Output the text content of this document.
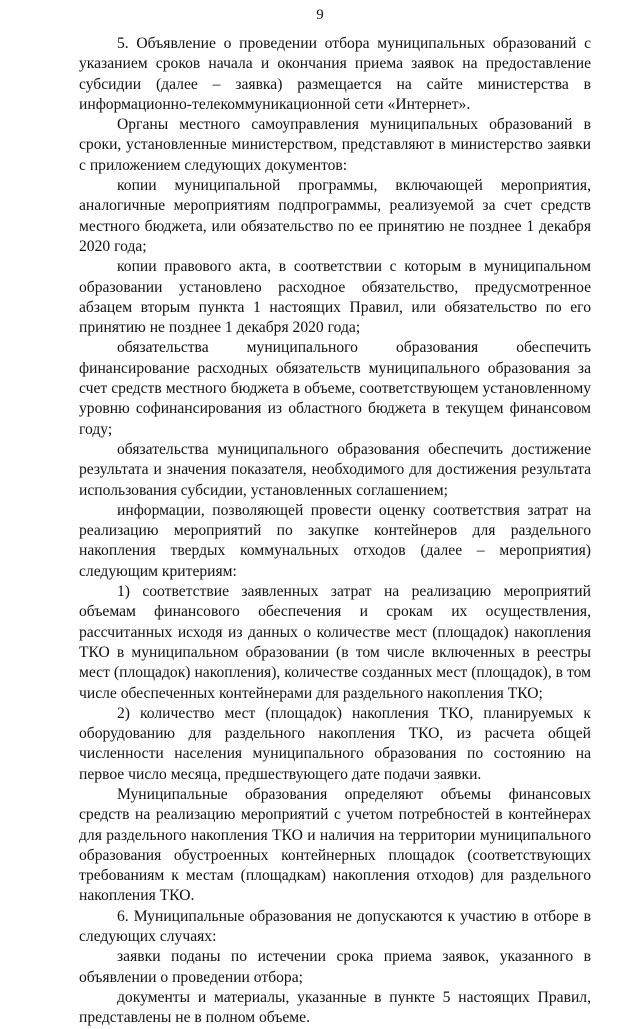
9

5. Объявление о проведении отбора муниципальных образований с указанием сроков начала и окончания приема заявок на предоставление субсидии (далее – заявка) размещается на сайте министерства в информационно-телекоммуникационной сети «Интернет».

Органы местного самоуправления муниципальных образований в сроки, установленные министерством, представляют в министерство заявки с приложением следующих документов:

копии муниципальной программы, включающей мероприятия, аналогичные мероприятиям подпрограммы, реализуемой за счет средств местного бюджета, или обязательство по ее принятию не позднее 1 декабря 2020 года;

копии правового акта, в соответствии с которым в муниципальном образовании установлено расходное обязательство, предусмотренное абзацем вторым пункта 1 настоящих Правил, или обязательство по его принятию не позднее 1 декабря 2020 года;

обязательства муниципального образования обеспечить финансирование расходных обязательств муниципального образования за счет средств местного бюджета в объеме, соответствующем установленному уровню софинансирования из областного бюджета в текущем финансовом году;

обязательства муниципального образования обеспечить достижение результата и значения показателя, необходимого для достижения результата использования субсидии, установленных соглашением;

информации, позволяющей провести оценку соответствия затрат на реализацию мероприятий по закупке контейнеров для раздельного накопления твердых коммунальных отходов (далее – мероприятия) следующим критериям:

1) соответствие заявленных затрат на реализацию мероприятий объемам финансового обеспечения и срокам их осуществления, рассчитанных исходя из данных о количестве мест (площадок) накопления ТКО в муниципальном образовании (в том числе включенных в реестры мест (площадок) накопления), количестве созданных мест (площадок), в том числе обеспеченных контейнерами для раздельного накопления ТКО;

2) количество мест (площадок) накопления ТКО, планируемых к оборудованию для раздельного накопления ТКО, из расчета общей численности населения муниципального образования по состоянию на первое число месяца, предшествующего дате подачи заявки.

Муниципальные образования определяют объемы финансовых средств на реализацию мероприятий с учетом потребностей в контейнерах для раздельного накопления ТКО и наличия на территории муниципального образования обустроенных контейнерных площадок (соответствующих требованиям к местам (площадкам) накопления отходов) для раздельного накопления ТКО.

6. Муниципальные образования не допускаются к участию в отборе в следующих случаях:

заявки поданы по истечении срока приема заявок, указанного в объявлении о проведении отбора;

документы и материалы, указанные в пункте 5 настоящих Правил, представлены не в полном объеме.
